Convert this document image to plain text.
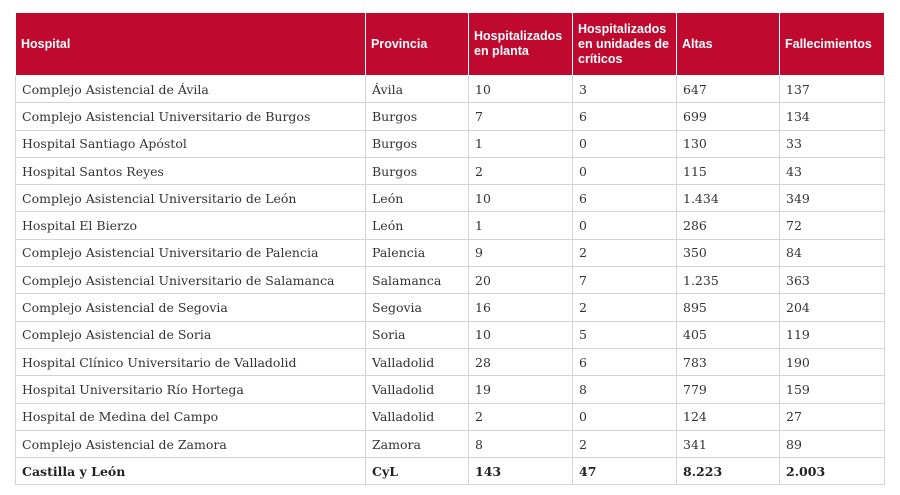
Hospital	Provincia	Hospitalizados en planta	Hospitalizados en unidades de críticos	Altas	Fallecimientos
Complejo Asistencial de Ávila	Ávila	10	3	647	137
Complejo Asistencial Universitario de Burgos	Burgos	7	6	699	134
Hospital Santiago Apóstol	Burgos	1	0	130	33
Hospital Santos Reyes	Burgos	2	0	115	43
Complejo Asistencial Universitario de León	León	10	6	1.434	349
Hospital El Bierzo	León	1	0	286	72
Complejo Asistencial Universitario de Palencia	Palencia	9	2	350	84
Complejo Asistencial Universitario de Salamanca	Salamanca	20	7	1.235	363
Complejo Asistencial de Segovia	Segovia	16	2	895	204
Complejo Asistencial de Soria	Soria	10	5	405	119
Hospital Clínico Universitario de Valladolid	Valladolid	28	6	783	190
Hospital Universitario Río Hortega	Valladolid	19	8	779	159
Hospital de Medina del Campo	Valladolid	2	0	124	27
Complejo Asistencial de Zamora	Zamora	8	2	341	89
Castilla y León	CyL	143	47	8.223	2.003
